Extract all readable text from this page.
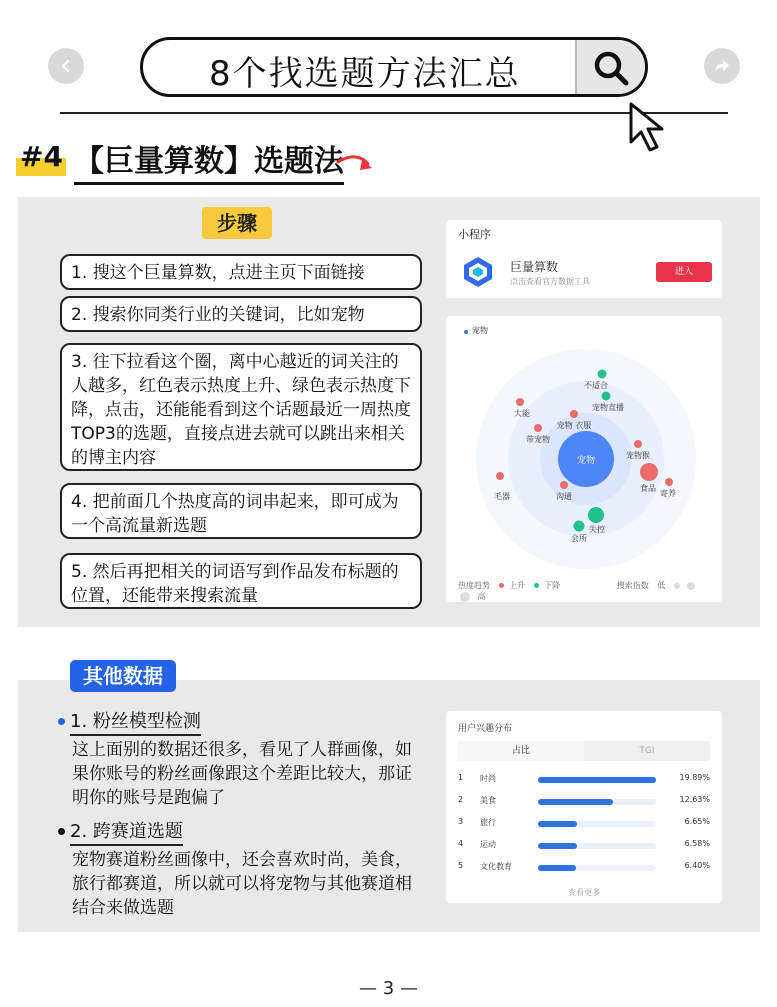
8个找选题方法汇总
#4 【巨量算数】选题法
步骤
1. 搜这个巨量算数，点进主页下面链接
2. 搜索你同类行业的关键词，比如宠物
3. 往下拉看这个圈，离中心越近的词关注的人越多，红色表示热度上升、绿色表示热度下降，点击，还能能看到这个话题最近一周热度TOP3的选题，直接点进去就可以跳出来相关的博主内容
4. 把前面几个热度高的词串起来，即可成为一个高流量新选题
5. 然后再把相关的词语写到作品发布标题的位置，还能带来搜索流量
小程序
巨量算数
点击查看官方数据工具
进入
宠物
宠物
不适合
宠物直播
大能
宠物 衣服
带宠物
宠物猴
食品
寄养
毛器	沟通
失控
会所
热度趋势 上升 下降	搜索指数 低    高
其他数据
1. 粉丝模型检测
这上面别的数据还很多，看见了人群画像，如果你账号的粉丝画像跟这个差距比较大，那证明你的账号是跑偏了
2. 跨赛道选题
宠物赛道粉丝画像中，还会喜欢时尚，美食，旅行都赛道，所以就可以将宠物与其他赛道相结合来做选题
用户兴趣分布
占比	TGI
1 时尚	19.89%
2 美食	12.63%
3 旅行	6.65%
4 运动	6.58%
5 文化教育	6.40%
查看更多
— 3 —
